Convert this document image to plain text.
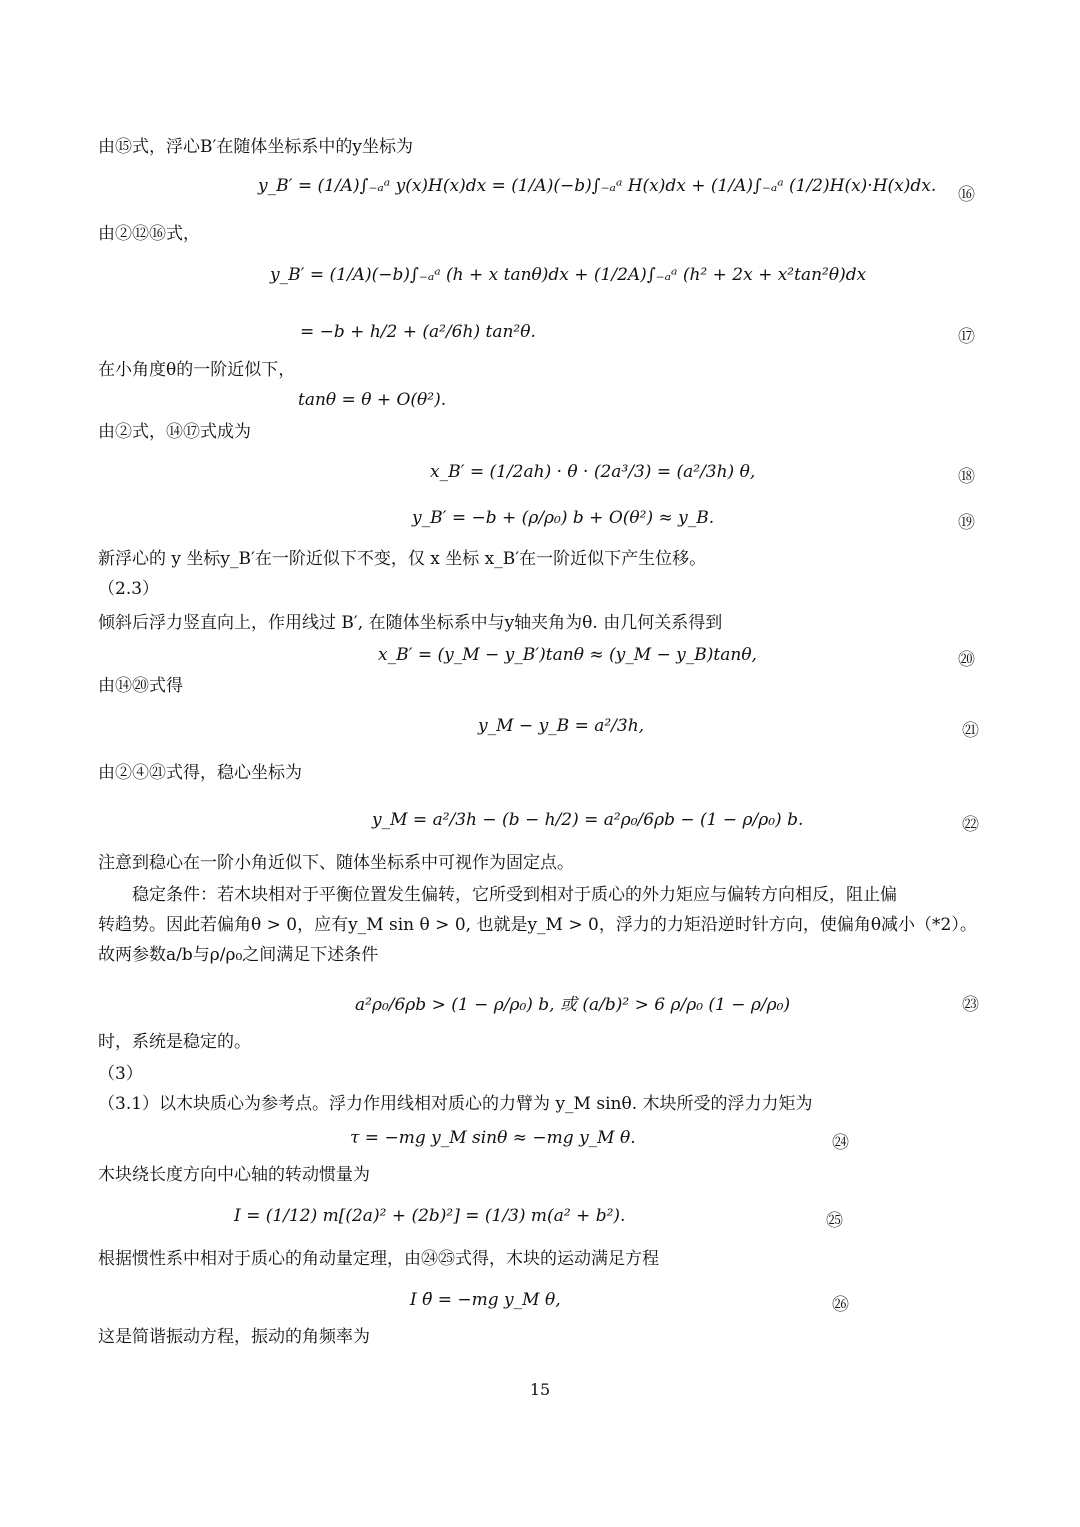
由⑮式，浮心B′在随体坐标系中的y坐标为
y_B′ = (1/A)∫₋ₐᵃ y(x)H(x)dx = (1/A)(−b)∫₋ₐᵃ H(x)dx + (1/A)∫₋ₐᵃ (1/2)H(x)·H(x)dx. ⑯
由②⑫⑯式，
y_B′ = (1/A)(−b)∫₋ₐᵃ (h + x tanθ)dx + (1/2A)∫₋ₐᵃ (h² + 2x + x²tan²θ)dx
= −b + h/2 + (a²/6h) tan²θ.	⑰
在小角度θ的一阶近似下，
tanθ = θ + O(θ²).
由②式，⑭⑰式成为
x_B′ = (1/2ah) · θ · (2a³/3) = (a²/3h) θ,	⑱
y_B′ = −b + (ρ/ρ₀) b + O(θ²) ≈ y_B.	⑲
新浮心的 y 坐标y_B′在一阶近似下不变，仅 x 坐标 x_B′在一阶近似下产生位移。
（2.3）
倾斜后浮力竖直向上，作用线过 B′, 在随体坐标系中与y轴夹角为θ. 由几何关系得到
x_B′ = (y_M − y_B′)tanθ ≈ (y_M − y_B)tanθ,	⑳
由⑭⑳式得
y_M − y_B = a²/3h,	㉑
由②④㉑式得，稳心坐标为
y_M = a²/3h − (b − h/2) = a²ρ₀/6ρb − (1 − ρ/ρ₀) b.	㉒
注意到稳心在一阶小角近似下、随体坐标系中可视作为固定点。
稳定条件：若木块相对于平衡位置发生偏转，它所受到相对于质心的外力矩应与偏转方向相反，阻止偏
转趋势。因此若偏角θ > 0，应有y_M sin θ > 0, 也就是y_M > 0，浮力的力矩沿逆时针方向，使偏角θ减小（*2）。
故两参数a/b与ρ/ρ₀之间满足下述条件
a²ρ₀/6ρb > (1 − ρ/ρ₀) b, 或 (a/b)² > 6 ρ/ρ₀ (1 − ρ/ρ₀)	㉓
时，系统是稳定的。
（3）
（3.1）以木块质心为参考点。浮力作用线相对质心的力臂为 y_M sinθ. 木块所受的浮力力矩为
τ = −mg y_M sinθ ≈ −mg y_M θ.	㉔
木块绕长度方向中心轴的转动惯量为
I = (1/12) m[(2a)² + (2b)²] = (1/3) m(a² + b²).	㉕
根据惯性系中相对于质心的角动量定理，由㉔㉕式得，木块的运动满足方程
I θ̈ = −mg y_M θ,	㉖
这是简谐振动方程，振动的角频率为
15
